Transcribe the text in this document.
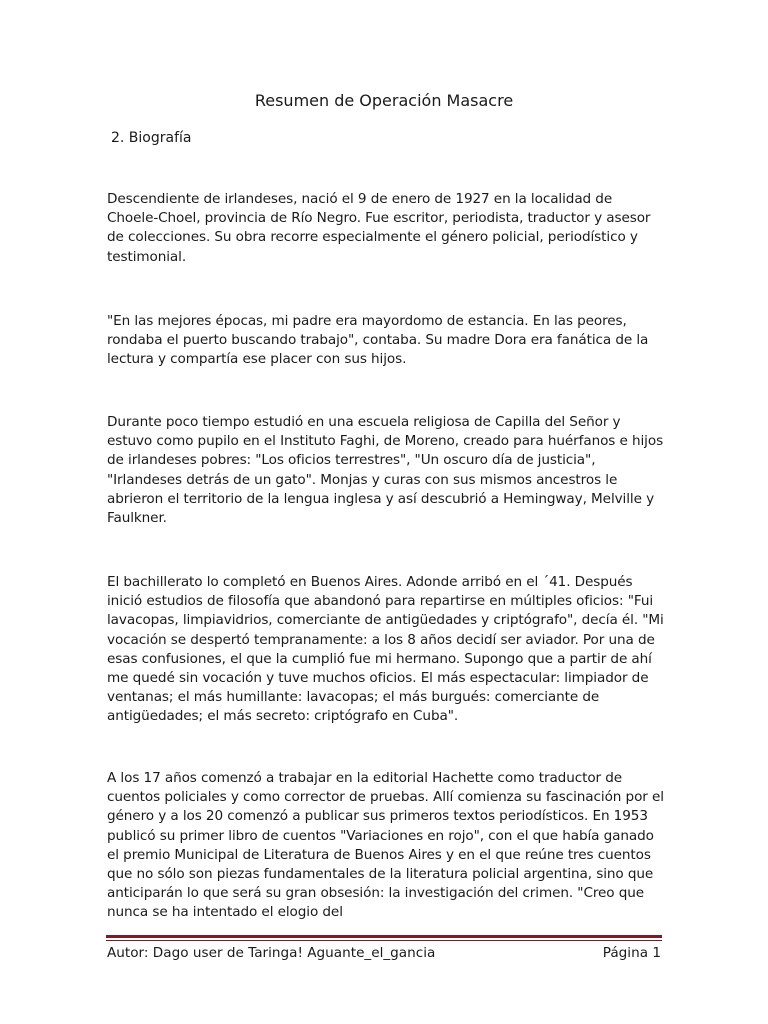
Resumen de Operación Masacre
2. Biografía

Descendiente de irlandeses, nació el 9 de enero de 1927 en la localidad de Choele-Choel, provincia de Río Negro. Fue escritor, periodista, traductor y asesor de colecciones. Su obra recorre especialmente el género policial, periodístico y testimonial.

"En las mejores épocas, mi padre era mayordomo de estancia. En las peores, rondaba el puerto buscando trabajo", contaba. Su madre Dora era fanática de la lectura y compartía ese placer con sus hijos.

Durante poco tiempo estudió en una escuela religiosa de Capilla del Señor y estuvo como pupilo en el Instituto Faghi, de Moreno, creado para huérfanos e hijos de irlandeses pobres: "Los oficios terrestres", "Un oscuro día de justicia", "Irlandeses detrás de un gato". Monjas y curas con sus mismos ancestros le abrieron el territorio de la lengua inglesa y así descubrió a Hemingway, Melville y Faulkner.

El bachillerato lo completó en Buenos Aires. Adonde arribó en el ´41. Después inició estudios de filosofía que abandonó para repartirse en múltiples oficios: "Fui lavacopas, limpiavidrios, comerciante de antigüedades y criptógrafo", decía él. "Mi vocación se despertó tempranamente: a los 8 años decidí ser aviador. Por una de esas confusiones, el que la cumplió fue mi hermano. Supongo que a partir de ahí me quedé sin vocación y tuve muchos oficios. El más espectacular: limpiador de ventanas; el más humillante: lavacopas; el más burgués: comerciante de antigüedades; el más secreto: criptógrafo en Cuba".

A los 17 años comenzó a trabajar en la editorial Hachette como traductor de cuentos policiales y como corrector de pruebas. Allí comienza su fascinación por el género y a los 20 comenzó a publicar sus primeros textos periodísticos. En 1953 publicó su primer libro de cuentos "Variaciones en rojo", con el que había ganado el premio Municipal de Literatura de Buenos Aires y en el que reúne tres cuentos que no sólo son piezas fundamentales de la literatura policial argentina, sino que anticiparán lo que será su gran obsesión: la investigación del crimen. "Creo que nunca se ha intentado el elogio del

Autor: Dago user de Taringa! Aguante_el_gancia	Página 1
